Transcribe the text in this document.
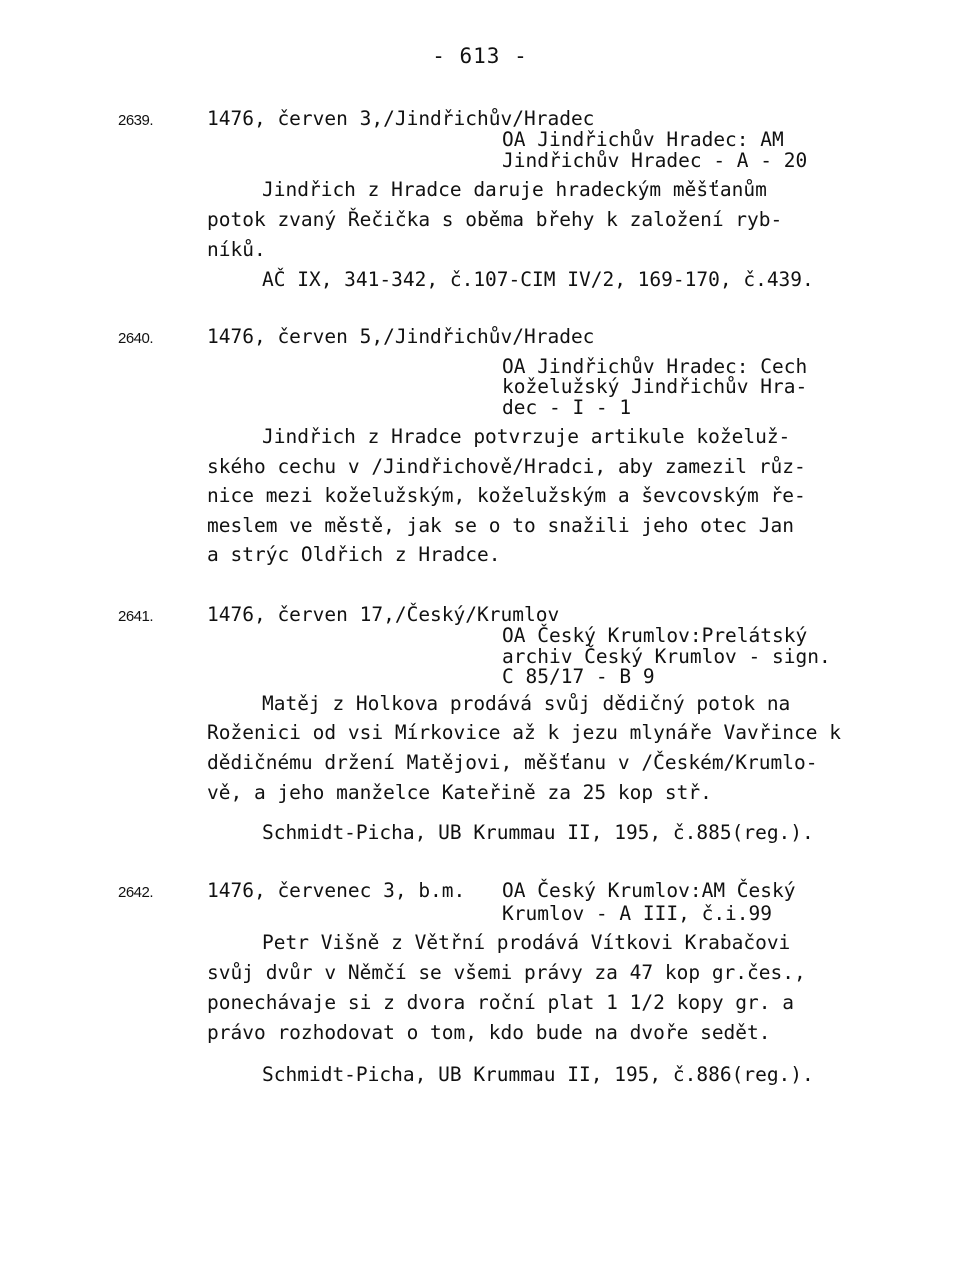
- 613 -
2639.	1476, červen 3,/Jindřichův/Hradec
OA Jindřichův Hradec: AM
Jindřichův Hradec - A - 20
Jindřich z Hradce daruje hradeckým měšťanům
potok zvaný Řečička s oběma břehy k založení ryb-
níků.
AČ IX, 341-342, č.107-CIM IV/2, 169-170, č.439.
2640.	1476, červen 5,/Jindřichův/Hradec
OA Jindřichův Hradec: Cech
koželužský Jindřichův Hra-
dec - I - 1
Jindřich z Hradce potvrzuje artikule koželuž-
ského cechu v /Jindřichově/Hradci, aby zamezil růz-
nice mezi koželužským, koželužským a ševcovským ře-
meslem ve městě, jak se o to snažili jeho otec Jan
a strýc Oldřich z Hradce.
2641.	1476, červen 17,/Český/Krumlov
OA Český Krumlov:Prelátský
archiv Český Krumlov - sign.
C 85/17 - B 9
Matěj z Holkova prodává svůj dědičný potok na
Roženici od vsi Mírkovice až k jezu mlynáře Vavřince k
dědičnému držení Matějovi, měšťanu v /Českém/Krumlo-
vě, a jeho manželce Kateřině za 25 kop stř.
Schmidt-Picha, UB Krummau II, 195, č.885(reg.).
2642.	1476, červenec 3, b.m. OA Český Krumlov:AM Český
Krumlov - A III, č.i.99
Petr Višně z Větřní prodává Vítkovi Krabačovi
svůj dvůr v Němčí se všemi právy za 47 kop gr.čes.,
ponechávaje si z dvora roční plat 1 1/2 kopy gr. a
právo rozhodovat o tom, kdo bude na dvoře sedět.
Schmidt-Picha, UB Krummau II, 195, č.886(reg.).
